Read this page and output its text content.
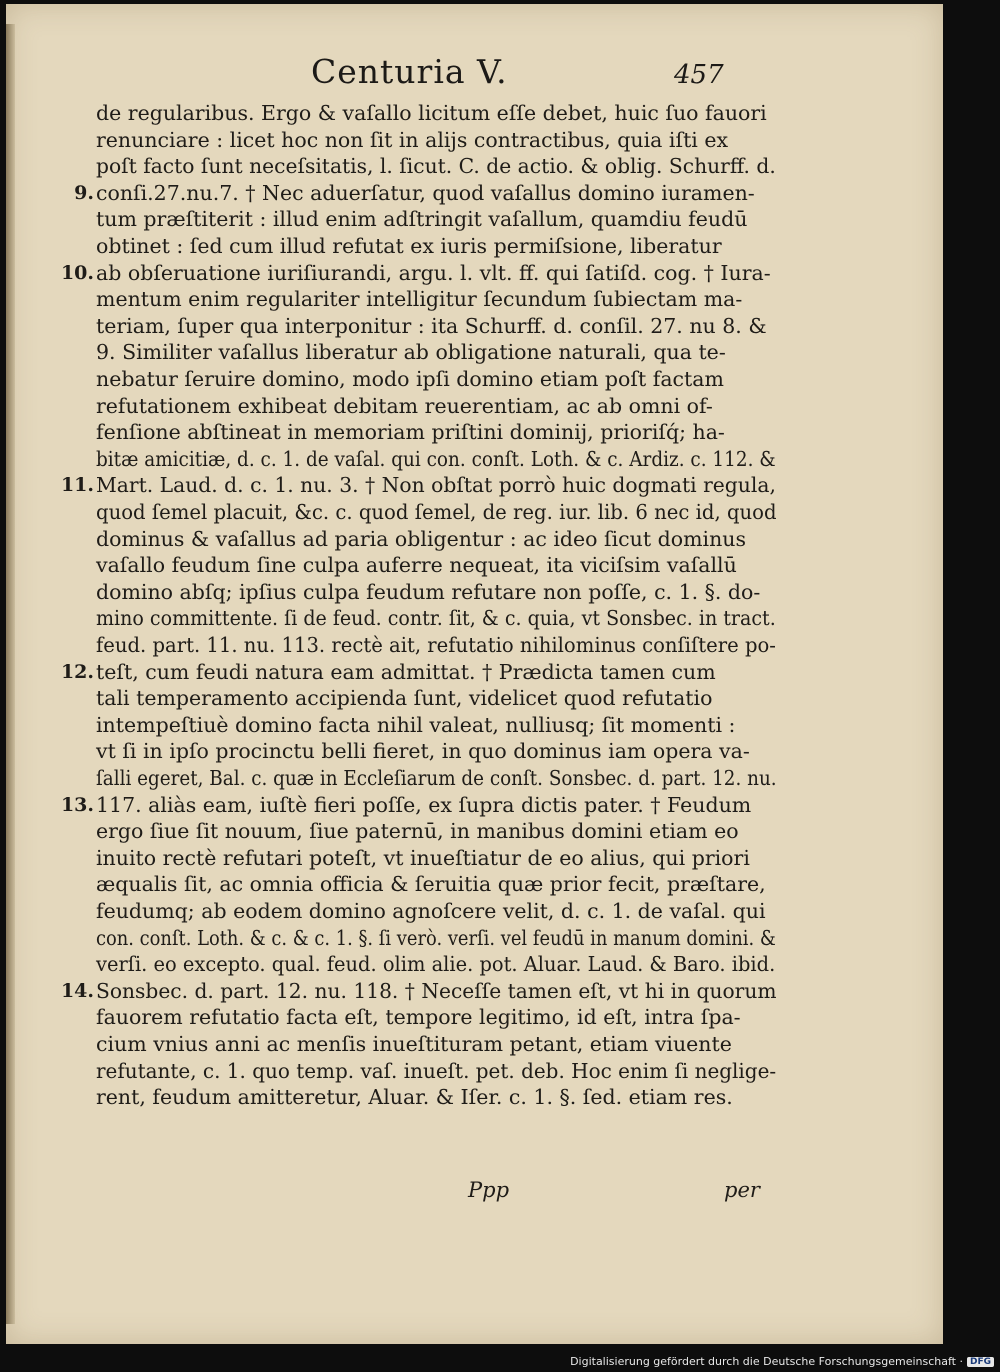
Centuria V.	457
de regularibus. Ergo & vaſallo licitum eſſe debet, huic ſuo fauori
renunciare : licet hoc non ſit in alijs contractibus, quia iſti ex
poſt facto ſunt neceſsitatis, l. ſicut. C. de actio. & oblig. Schurff. d.
9. conſi.27.nu.7. † Nec aduerſatur, quod vaſallus domino iuramen-
tum præſtiterit : illud enim adſtringit vaſallum, quamdiu feudū
obtinet : ſed cum illud refutat ex iuris permiſsione, liberatur
10. ab obſeruatione iuriſiurandi, argu. l. vlt. ff. qui ſatiſd. cog. † Iura-
mentum enim regulariter intelligitur ſecundum ſubiectam ma-
teriam, ſuper qua interponitur : ita Schurff. d. conſil. 27. nu 8. &
9. Similiter vaſallus liberatur ab obligatione naturali, qua te-
nebatur ſeruire domino, modo ipſi domino etiam poſt factam
refutationem exhibeat debitam reuerentiam, ac ab omni of-
fenſione abſtineat in memoriam priſtini dominij, prioriſq́; ha-
bitæ amicitiæ, d. c. 1. de vaſal. qui con. conſt. Loth. & c. Ardiz. c. 112. &
11. Mart. Laud. d. c. 1. nu. 3. † Non obſtat porrò huic dogmati regula,
quod ſemel placuit, &c. c. quod ſemel, de reg. iur. lib. 6 nec id, quod
dominus & vaſallus ad paria obligentur : ac ideo ſicut dominus
vaſallo feudum ſine culpa auferre nequeat, ita viciſsim vaſallū
domino abſq; ipſius culpa feudum refutare non poſſe, c. 1. §. do-
mino committente. ſi de feud. contr. ſit, & c. quia, vt Sonsbec. in tract.
feud. part. 11. nu. 113. rectè ait, refutatio nihilominus conſiſtere po-
12. teſt, cum feudi natura eam admittat. † Prædicta tamen cum
tali temperamento accipienda ſunt, videlicet quod refutatio
intempeſtiuè domino facta nihil valeat, nulliusq; ſit momenti :
vt ſi in ipſo procinctu belli fieret, in quo dominus iam opera va-
ſalli egeret, Bal. c. quæ in Eccleſiarum de conſt. Sonsbec. d. part. 12. nu.
13. 117. aliàs eam, iuſtè fieri poſſe, ex ſupra dictis pater. † Feudum
ergo ſiue ſit nouum, ſiue paternū, in manibus domini etiam eo
inuito rectè refutari poteſt, vt inueſtiatur de eo alius, qui priori
æqualis ſit, ac omnia officia & ſeruitia quæ prior fecit, præſtare,
feudumq; ab eodem domino agnoſcere velit, d. c. 1. de vaſal. qui
con. conſt. Loth. & c. & c. 1. §. ſi verò. verſi. vel feudū in manum domini. &
verſi. eo excepto. qual. feud. olim alie. pot. Aluar. Laud. & Baro. ibid.
14. Sonsbec. d. part. 12. nu. 118. † Neceſſe tamen eſt, vt hi in quorum
fauorem refutatio facta eſt, tempore legitimo, id eſt, intra ſpa-
cium vnius anni ac menſis inueſtituram petant, etiam viuente
refutante, c. 1. quo temp. vaſ. inueſt. pet. deb. Hoc enim ſi neglige-
rent, feudum amitteretur, Aluar. & Iſer. c. 1. §. ſed. etiam res.
Ppp	per
Digitalisierung gefördert durch die Deutsche Forschungsgemeinschaft · DFG
